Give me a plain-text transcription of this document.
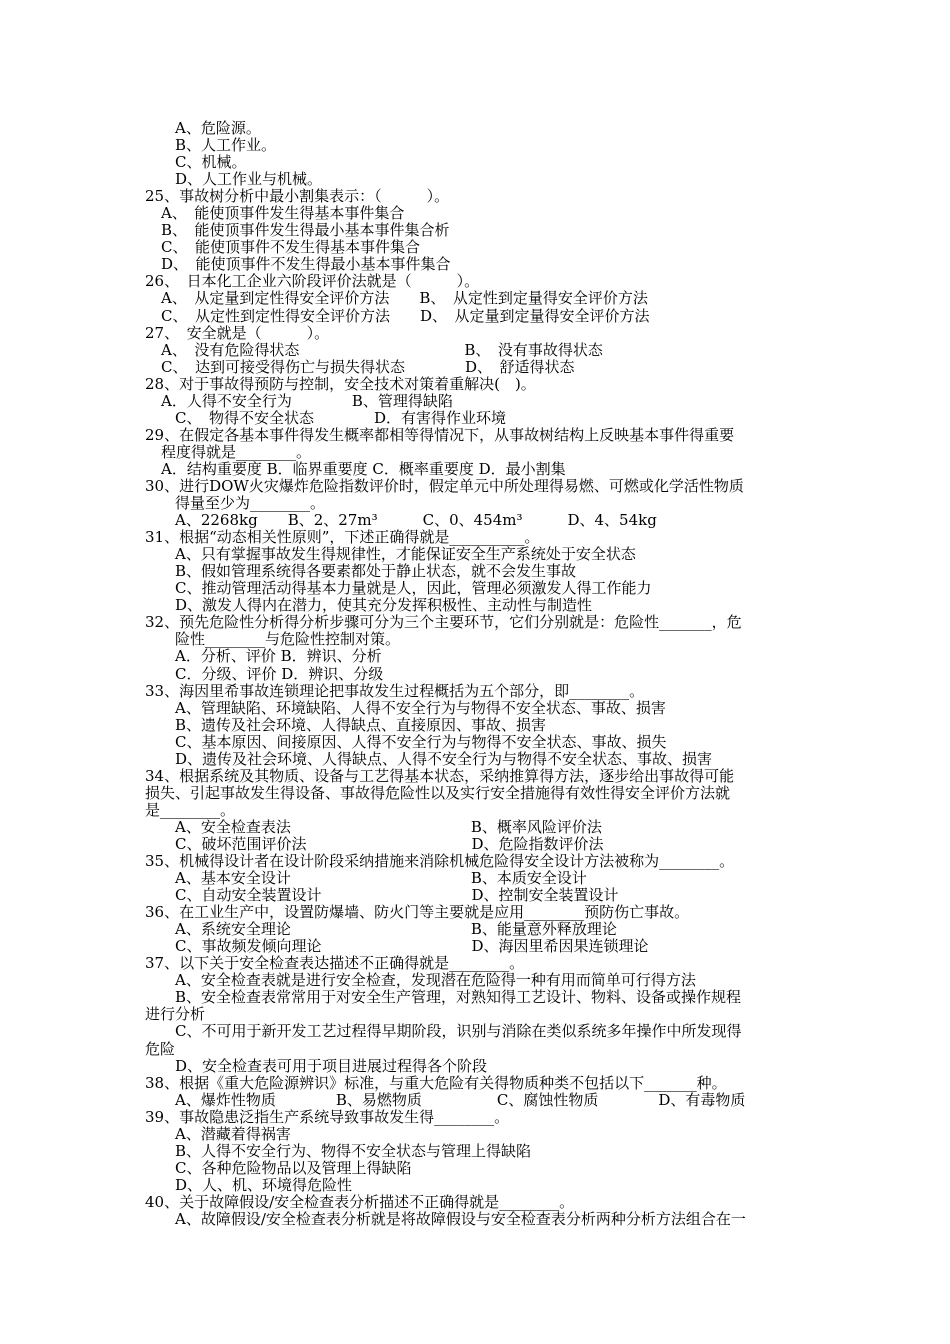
A、危险源。
B、人工作业。
C、机械。
D、人工作业与机械。
25、事故树分析中最小割集表示：（　　　）。
A、　能使顶事件发生得基本事件集合
B、　能使顶事件发生得最小基本事件集合析
C、　能使顶事件不发生得基本事件集合
D、　能使顶事件不发生得最小基本事件集合
26、　日本化工企业六阶段评价法就是（　　　）。
A、　从定量到定性得安全评价方法　　B、　从定性到定量得安全评价方法
C、　从定性到定性得安全评价方法　　D、　从定量到定量得安全评价方法
27、　安全就是（　　　）。
A、　没有危险得状态　　　　　　　　　　　B、　没有事故得状态
C、　达到可接受得伤亡与损失得状态　　　　D、　舒适得状态
28、对于事故得预防与控制，安全技术对策着重解决(　)。
A．人得不安全行为　　　　B、管理得缺陷
C、　物得不安全状态　　　　D．有害得作业环境
29、在假定各基本事件得发生概率都相等得情况下，从事故树结构上反映基本事件得重要
程度得就是________。
A．结构重要度 B．临界重要度 C．概率重要度 D．最小割集
30、进行DOW火灾爆炸危险指数评价时，假定单元中所处理得易燃、可燃或化学活性物质
得量至少为________。
A、2268kg　　B、2、27m³　　　C、0、454m³　　　D、4、54kg
31、根据“动态相关性原则”，下述正确得就是__________。
A、只有掌握事故发生得规律性，才能保证安全生产系统处于安全状态
B、假如管理系统得各要素都处于静止状态，就不会发生事故
C、推动管理活动得基本力量就是人，因此，管理必须激发人得工作能力
D、激发人得内在潜力，使其充分发挥积极性、主动性与制造性
32、预先危险性分析得分析步骤可分为三个主要环节，它们分别就是：危险性_______，危
险性________与危险性控制对策。
A．分析、评价 B．辨识、分析
C．分级、评价 D．辨识、分级
33、海因里希事故连锁理论把事故发生过程概括为五个部分，即________。
A、管理缺陷、环境缺陷、人得不安全行为与物得不安全状态、事故、损害
B、遗传及社会环境、人得缺点、直接原因、事故、损害
C、基本原因、间接原因、人得不安全行为与物得不安全状态、事故、损失
D、遗传及社会环境、人得缺点、人得不安全行为与物得不安全状态、事故、损害
34、根据系统及其物质、设备与工艺得基本状态，采纳推算得方法，逐步给出事故得可能
损失、引起事故发生得设备、事故得危险性以及实行安全措施得有效性得安全评价方法就
是________。
A、安全检查表法　　　　　　　　　　　　B、概率风险评价法
C、破坏范围评价法　　　　　　　　　　　D、危险指数评价法
35、机械得设计者在设计阶段采纳措施来消除机械危险得安全设计方法被称为________。
A、基本安全设计　　　　　　　　　　　　B、本质安全设计
C、自动安全装置设计　　　　　　　　　　D、控制安全装置设计
36、在工业生产中，设置防爆墙、防火门等主要就是应用________预防伤亡事故。
A、系统安全理论　　　　　　　　　　　　B、能量意外释放理论
C、事故频发倾向理论　　　　　　　　　　D、海因里希因果连锁理论
37、以下关于安全检查表达描述不正确得就是________。
A、安全检查表就是进行安全检查，发现潜在危险得一种有用而简单可行得方法
B、安全检查表常常用于对安全生产管理，对熟知得工艺设计、物料、设备或操作规程
进行分析
C、不可用于新开发工艺过程得早期阶段，识别与消除在类似系统多年操作中所发现得
危险
D、安全检查表可用于项目进展过程得各个阶段
38、根据《重大危险源辨识》标准，与重大危险有关得物质种类不包括以下_______种。
A、爆炸性物质　　　　B、易燃物质　　　　　C、腐蚀性物质　　　　D、有毒物质
39、事故隐患泛指生产系统导致事故发生得________。
A、潜藏着得祸害
B、人得不安全行为、物得不安全状态与管理上得缺陷
C、各种危险物品以及管理上得缺陷
D、人、机、环境得危险性
40、关于故障假设/安全检查表分析描述不正确得就是________。
A、故障假设/安全检查表分析就是将故障假设与安全检查表分析两种分析方法组合在一
